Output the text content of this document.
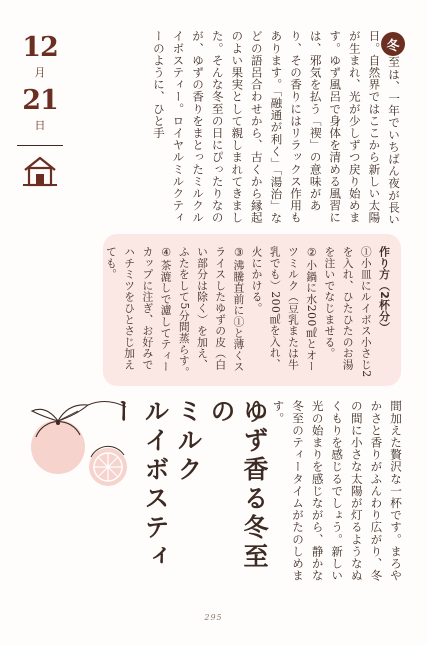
12
月
21
日
冬
至は、一年でいちばん夜が長い日。自然界ではここから新しい太陽が生まれ、光が少しずつ戻り始めます。ゆず風呂で身体を清める風習には、邪気を払う「禊」の意味があり、その香りにはリラックス作用もあります。「融通が利く」「湯治」などの語呂合わせから、古くから縁起のよい果実として親しまれてきました。そんな冬至の日にぴったりなのが、ゆずの香りをまとったミルクルイボスティー。ロイヤルミルクティーのように、ひと手
作り方（2杯分）
①小皿にルイボス小さじ2を入れ、ひたひたのお湯を注いでなじませる。
②小鍋に水200㎖とオーツミルク（豆乳または牛乳でも）200㎖を入れ、火にかける。
③沸騰直前に①と薄くスライスしたゆずの皮（白い部分は除く）を加え、ふたをして5分間蒸らす。
④茶漉しで濾してティーカップに注ぎ、お好みでハチミツをひとさじ加えても。
間加えた贅沢な一杯です。まろやかさと香りがふんわり広がり、冬の間に小さな太陽が灯るようなぬくもりを感じるでしょう。新しい光の始まりを感じながら、静かな冬至のティータイムがたのしめます。
ゆず香る冬至の
ミルク
ルイボスティー
295
